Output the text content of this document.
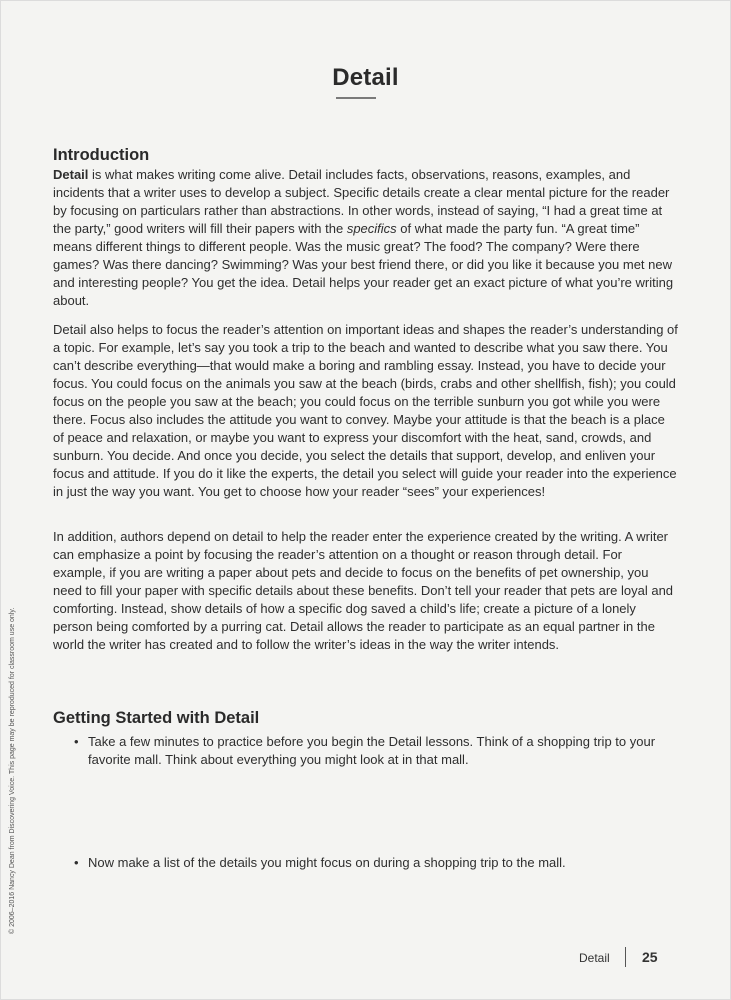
Detail
Introduction

Detail is what makes writing come alive. Detail includes facts, observations, reasons, examples, and incidents that a writer uses to develop a subject. Specific details create a clear mental picture for the reader by focusing on particulars rather than abstractions. In other words, instead of saying, “I had a great time at the party,” good writers will fill their papers with the specifics of what made the party fun. “A great time” means different things to different people. Was the music great? The food? The company? Were there games? Was there dancing? Swimming? Was your best friend there, or did you like it because you met new and interesting people? You get the idea. Detail helps your reader get an exact picture of what you’re writing about.

Detail also helps to focus the reader’s attention on important ideas and shapes the reader’s understanding of a topic. For example, let’s say you took a trip to the beach and wanted to describe what you saw there. You can’t describe everything—that would make a boring and rambling essay. Instead, you have to decide your focus. You could focus on the animals you saw at the beach (birds, crabs and other shellfish, fish); you could focus on the people you saw at the beach; you could focus on the terrible sunburn you got while you were there. Focus also includes the attitude you want to convey. Maybe your attitude is that the beach is a place of peace and relaxation, or maybe you want to express your discomfort with the heat, sand, crowds, and sunburn. You decide. And once you decide, you select the details that support, develop, and enliven your focus and attitude. If you do it like the experts, the detail you select will guide your reader into the experience in just the way you want. You get to choose how your reader “sees” your experiences!

In addition, authors depend on detail to help the reader enter the experience created by the writing. A writer can emphasize a point by focusing the reader’s attention on a thought or reason through detail. For example, if you are writing a paper about pets and decide to focus on the benefits of pet ownership, you need to fill your paper with specific details about these benefits. Don’t tell your reader that pets are loyal and comforting. Instead, show details of how a specific dog saved a child’s life; create a picture of a lonely person being comforted by a purring cat. Detail allows the reader to participate as an equal partner in the world the writer has created and to follow the writer’s ideas in the way the writer intends.

Getting Started with Detail

• Take a few minutes to practice before you begin the Detail lessons. Think of a shopping trip to your favorite mall. Think about everything you might look at in that mall.

• Now make a list of the details you might focus on during a shopping trip to the mall.

© 2006–2016 Nancy Dean from Discovering Voice. This page may be reproduced for classroom use only.
Detail 25
